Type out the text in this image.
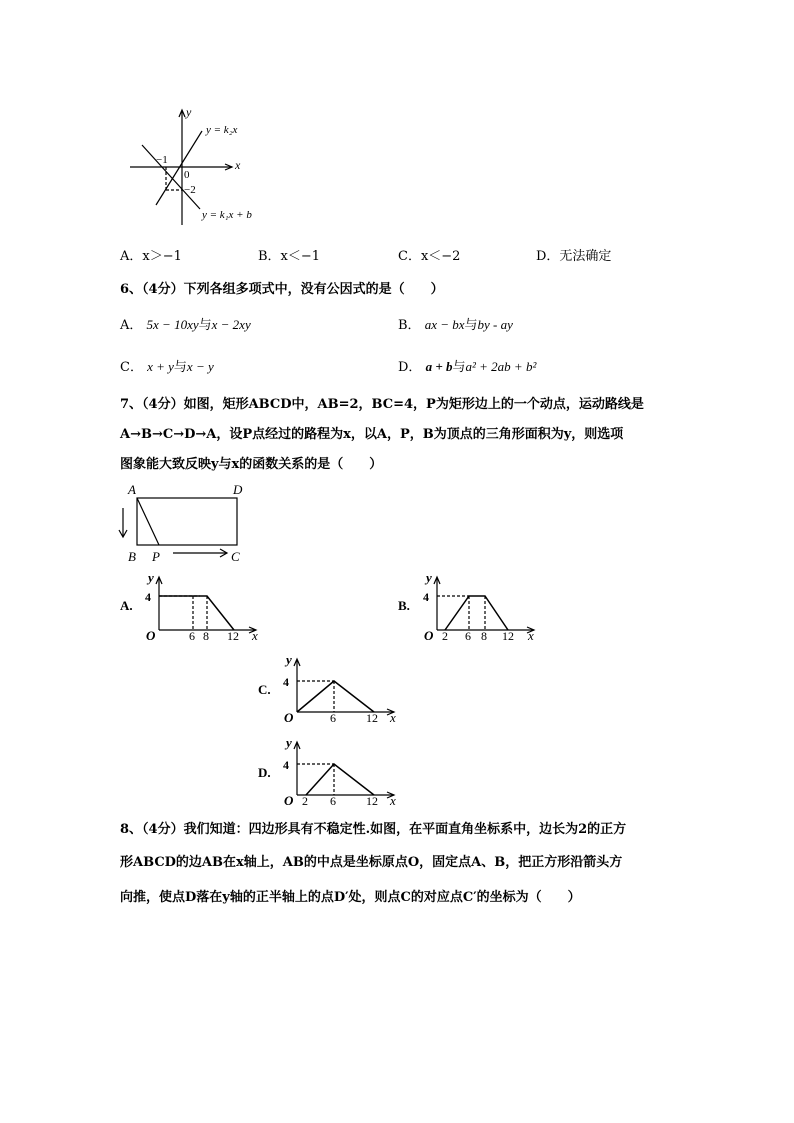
y
x
y = k₂x
y = k₁x + b
−1
0
−2
A．x＞−1	B．x＜−1	C．x＜−2	D．无法确定
6、（4分）下列各组多项式中，没有公因式的是（　　）
A． 5x − 10xy与x − 2xy	B． ax − bx与by - ay
C． x + y与x − y	D． a + b与a² + 2ab + b²
7、（4分）如图，矩形ABCD中，AB=2，BC=4，P为矩形边上的一个动点，运动路线是
A→B→C→D→A，设P点经过的路程为x，以A，P，B为顶点的三角形面积为y，则选项
图象能大致反映y与x的函数关系的是（　　）
A	D
B P	C
A.
y
4
O	6 8 12 x
B.
y
4
O 2 6 8 12 x
C.
y
4
O	6	12 x
D.
y
4
O 2 6	12 x
8、（4分）我们知道：四边形具有不稳定性.如图，在平面直角坐标系中，边长为2的正方
形ABCD的边AB在x轴上，AB的中点是坐标原点O，固定点A、B，把正方形沿箭头方
向推，使点D落在y轴的正半轴上的点D′处，则点C的对应点C′的坐标为（　　）
